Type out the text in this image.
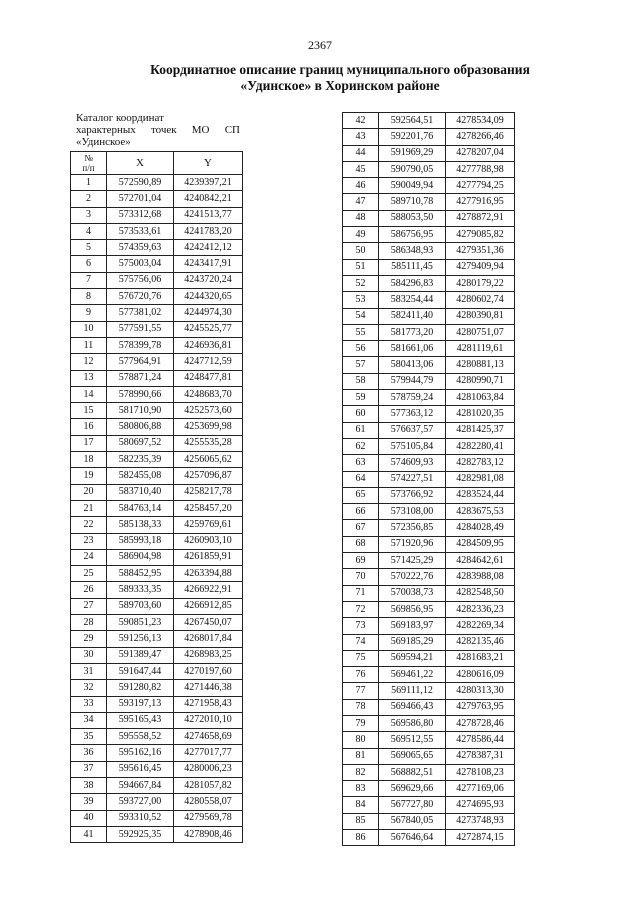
2367
Координатное описание границ муниципального образования
«Удинское» в Хоринском районе
Каталог координат
характерных точек МО СП
«Удинское»
№
п/п	X	Y
1	572590,89	4239397,21
2	572701,04	4240842,21
3	573312,68	4241513,77
4	573533,61	4241783,20
5	574359,63	4242412,12
6	575003,04	4243417,91
7	575756,06	4243720,24
8	576720,76	4244320,65
9	577381,02	4244974,30
10	577591,55	4245525,77
11	578399,78	4246936,81
12	577964,91	4247712,59
13	578871,24	4248477,81
14	578990,66	4248683,70
15	581710,90	4252573,60
16	580806,88	4253699,98
17	580697,52	4255535,28
18	582235,39	4256065,62
19	582455,08	4257096,87
20	583710,40	4258217,78
21	584763,14	4258457,20
22	585138,33	4259769,61
23	585993,18	4260903,10
24	586904,98	4261859,91
25	588452,95	4263394,88
26	589333,35	4266922,91
27	589703,60	4266912,85
28	590851,23	4267450,07
29	591256,13	4268017,84
30	591389,47	4268983,25
31	591647,44	4270197,60
32	591280,82	4271446,38
33	593197,13	4271958,43
34	595165,43	4272010,10
35	595558,52	4274658,69
36	595162,16	4277017,77
37	595616,45	4280006,23
38	594667,84	4281057,82
39	593727,00	4280558,07
40	593310,52	4279569,78
41	592925,35	4278908,46
42	592564,51	4278534,09
43	592201,76	4278266,46
44	591969,29	4278207,04
45	590790,05	4277788,98
46	590049,94	4277794,25
47	589710,78	4277916,95
48	588053,50	4278872,91
49	586756,95	4279085,82
50	586348,93	4279351,36
51	585111,45	4279409,94
52	584296,83	4280179,22
53	583254,44	4280602,74
54	582411,40	4280390,81
55	581773,20	4280751,07
56	581661,06	4281119,61
57	580413,06	4280881,13
58	579944,79	4280990,71
59	578759,24	4281063,84
60	577363,12	4281020,35
61	576637,57	4281425,37
62	575105,84	4282280,41
63	574609,93	4282783,12
64	574227,51	4282981,08
65	573766,92	4283524,44
66	573108,00	4283675,53
67	572356,85	4284028,49
68	571920,96	4284509,95
69	571425,29	4284642,61
70	570222,76	4283988,08
71	570038,73	4282548,50
72	569856,95	4282336,23
73	569183,97	4282269,34
74	569185,29	4282135,46
75	569594,21	4281683,21
76	569461,22	4280616,09
77	569111,12	4280313,30
78	569466,43	4279763,95
79	569586,80	4278728,46
80	569512,55	4278586,44
81	569065,65	4278387,31
82	568882,51	4278108,23
83	569629,66	4277169,06
84	567727,80	4274695,93
85	567840,05	4273748,93
86	567646,64	4272874,15
